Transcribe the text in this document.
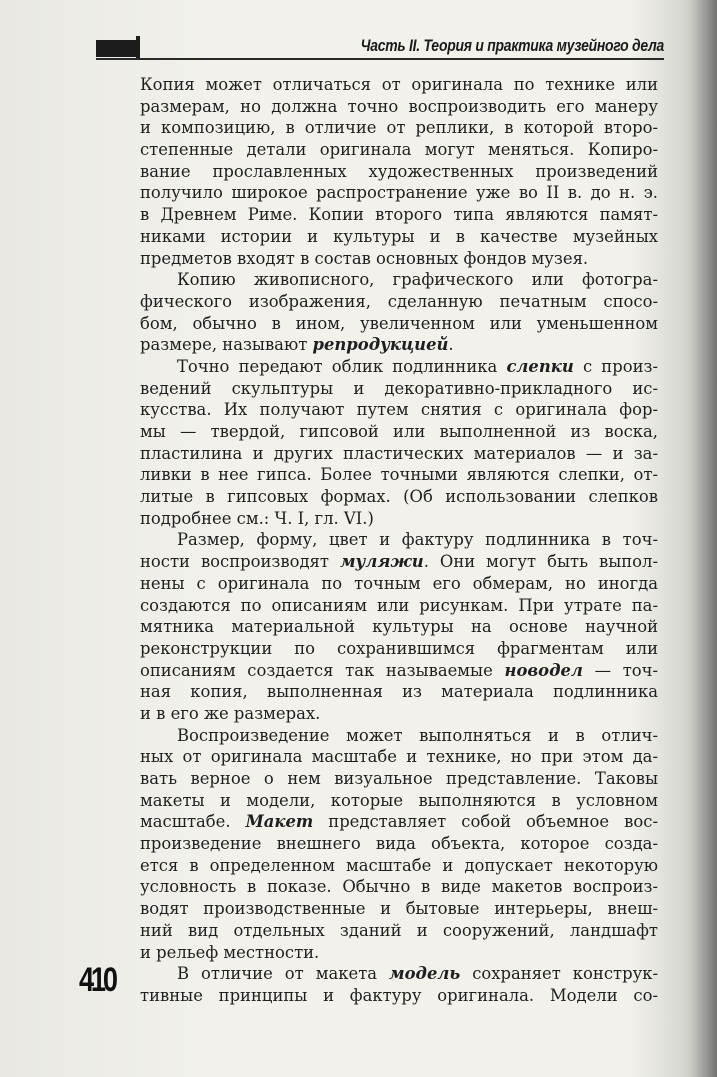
Часть II. Теория и практика музейного дела
Копия может отличаться от оригинала по технике или
размерам, но должна точно воспроизводить его манеру
и композицию, в отличие от реплики, в которой второ-
степенные детали оригинала могут меняться. Копиро-
вание прославленных художественных произведений
получило широкое распространение уже во II в. до н. э.
в Древнем Риме. Копии второго типа являются памят-
никами истории и культуры и в качестве музейных
предметов входят в состав основных фондов музея.
Копию живописного, графического или фотогра-
фического изображения, сделанную печатным спосо-
бом, обычно в ином, увеличенном или уменьшенном
размере, называют репродукцией.
Точно передают облик подлинника слепки с произ-
ведений скульптуры и декоративно-прикладного ис-
кусства. Их получают путем снятия с оригинала фор-
мы — твердой, гипсовой или выполненной из воска,
пластилина и других пластических материалов — и за-
ливки в нее гипса. Более точными являются слепки, от-
литые в гипсовых формах. (Об использовании слепков
подробнее см.: Ч. I, гл. VI.)
Размер, форму, цвет и фактуру подлинника в точ-
ности воспроизводят муляжи. Они могут быть выпол-
нены с оригинала по точным его обмерам, но иногда
создаются по описаниям или рисункам. При утрате па-
мятника материальной культуры на основе научной
реконструкции по сохранившимся фрагментам или
описаниям создается так называемые новодел — точ-
ная копия, выполненная из материала подлинника
и в его же размерах.
Воспроизведение может выполняться и в отлич-
ных от оригинала масштабе и технике, но при этом да-
вать верное о нем визуальное представление. Таковы
макеты и модели, которые выполняются в условном
масштабе. Макет представляет собой объемное вос-
произведение внешнего вида объекта, которое созда-
ется в определенном масштабе и допускает некоторую
условность в показе. Обычно в виде макетов воспроиз-
водят производственные и бытовые интерьеры, внеш-
ний вид отдельных зданий и сооружений, ландшафт
и рельеф местности.
В отличие от макета модель сохраняет конструк-
тивные принципы и фактуру оригинала. Модели со-
410
